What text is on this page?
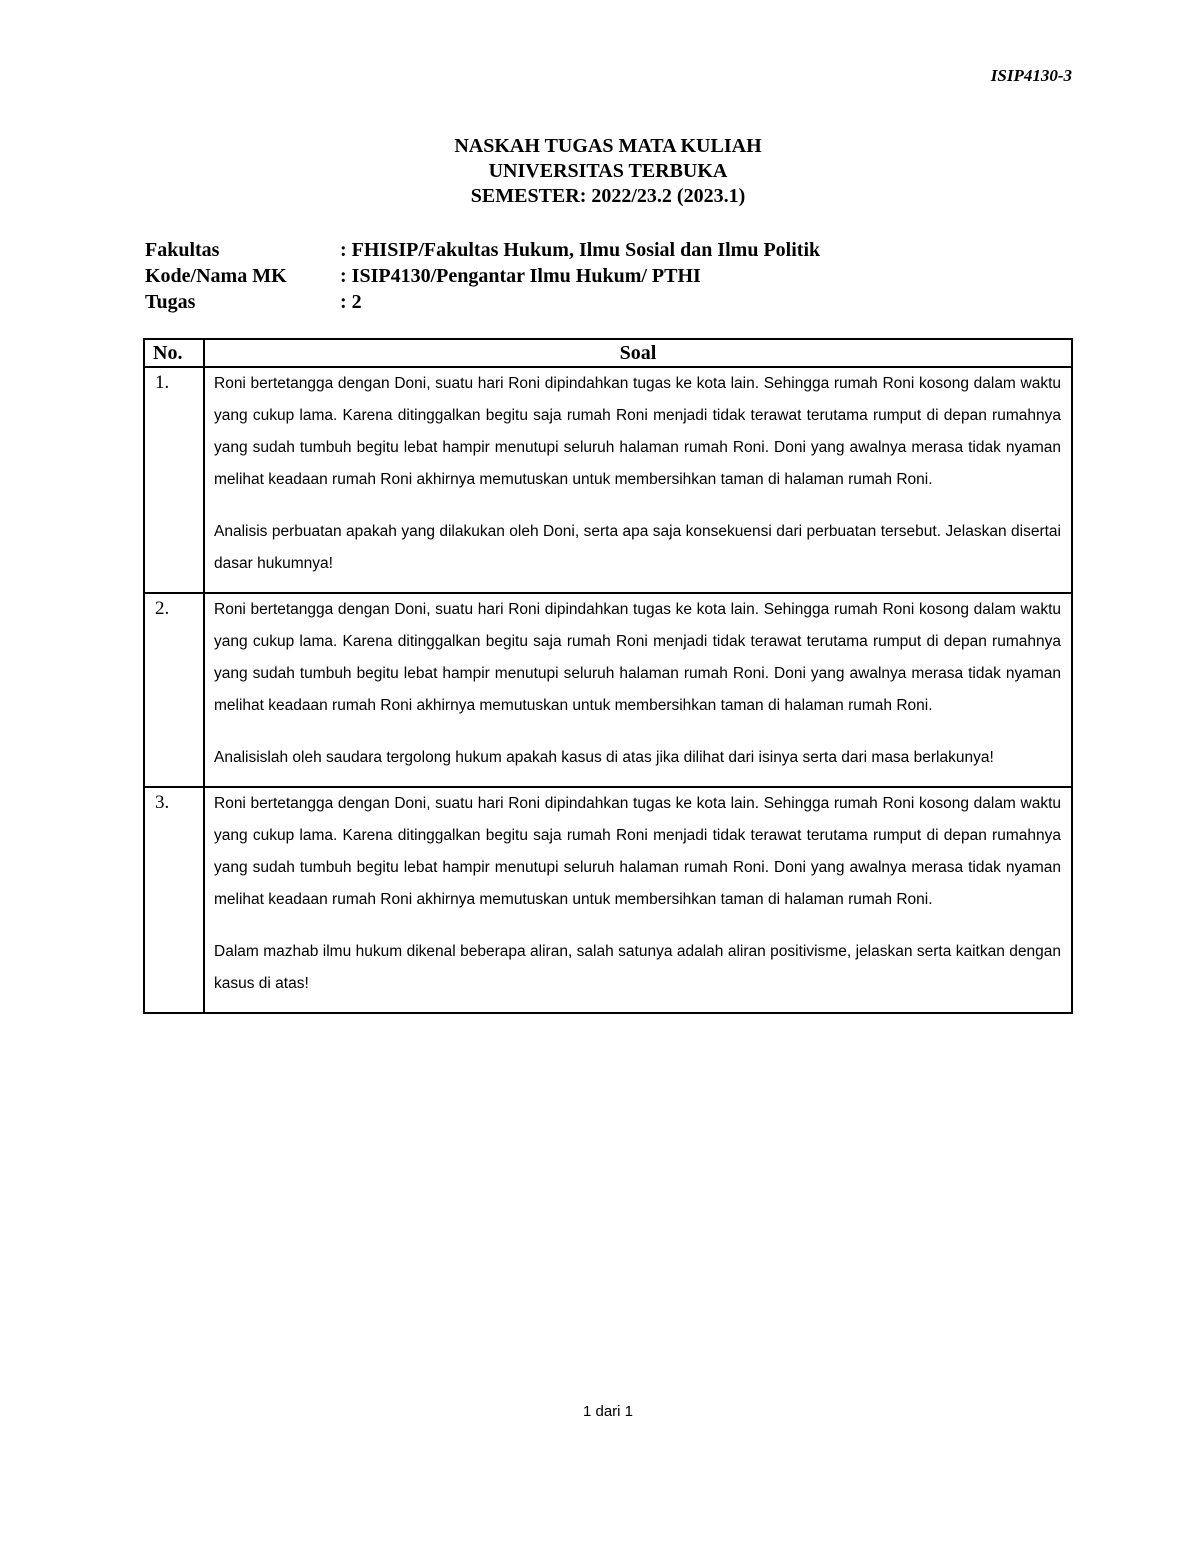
ISIP4130-3
NASKAH TUGAS MATA KULIAH
UNIVERSITAS TERBUKA
SEMESTER: 2022/23.2 (2023.1)
Fakultas	: FHISIP/Fakultas Hukum, Ilmu Sosial dan Ilmu Politik
Kode/Nama MK	: ISIP4130/Pengantar Ilmu Hukum/ PTHI
Tugas	: 2
No.	Soal
1.	Roni bertetangga dengan Doni, suatu hari Roni dipindahkan tugas ke kota lain. Sehingga rumah Roni kosong dalam waktu yang cukup lama. Karena ditinggalkan begitu saja rumah Roni menjadi tidak terawat terutama rumput di depan rumahnya yang sudah tumbuh begitu lebat hampir menutupi seluruh halaman rumah Roni. Doni yang awalnya merasa tidak nyaman melihat keadaan rumah Roni akhirnya memutuskan untuk membersihkan taman di halaman rumah Roni.

Analisis perbuatan apakah yang dilakukan oleh Doni, serta apa saja konsekuensi dari perbuatan tersebut. Jelaskan disertai dasar hukumnya!

2.	Roni bertetangga dengan Doni, suatu hari Roni dipindahkan tugas ke kota lain. Sehingga rumah Roni kosong dalam waktu yang cukup lama. Karena ditinggalkan begitu saja rumah Roni menjadi tidak terawat terutama rumput di depan rumahnya yang sudah tumbuh begitu lebat hampir menutupi seluruh halaman rumah Roni. Doni yang awalnya merasa tidak nyaman melihat keadaan rumah Roni akhirnya memutuskan untuk membersihkan taman di halaman rumah Roni.

Analisislah oleh saudara tergolong hukum apakah kasus di atas jika dilihat dari isinya serta dari masa berlakunya!

3.	Roni bertetangga dengan Doni, suatu hari Roni dipindahkan tugas ke kota lain. Sehingga rumah Roni kosong dalam waktu yang cukup lama. Karena ditinggalkan begitu saja rumah Roni menjadi tidak terawat terutama rumput di depan rumahnya yang sudah tumbuh begitu lebat hampir menutupi seluruh halaman rumah Roni. Doni yang awalnya merasa tidak nyaman melihat keadaan rumah Roni akhirnya memutuskan untuk membersihkan taman di halaman rumah Roni.

Dalam mazhab ilmu hukum dikenal beberapa aliran, salah satunya adalah aliran positivisme, jelaskan serta kaitkan dengan kasus di atas!

1 dari 1
